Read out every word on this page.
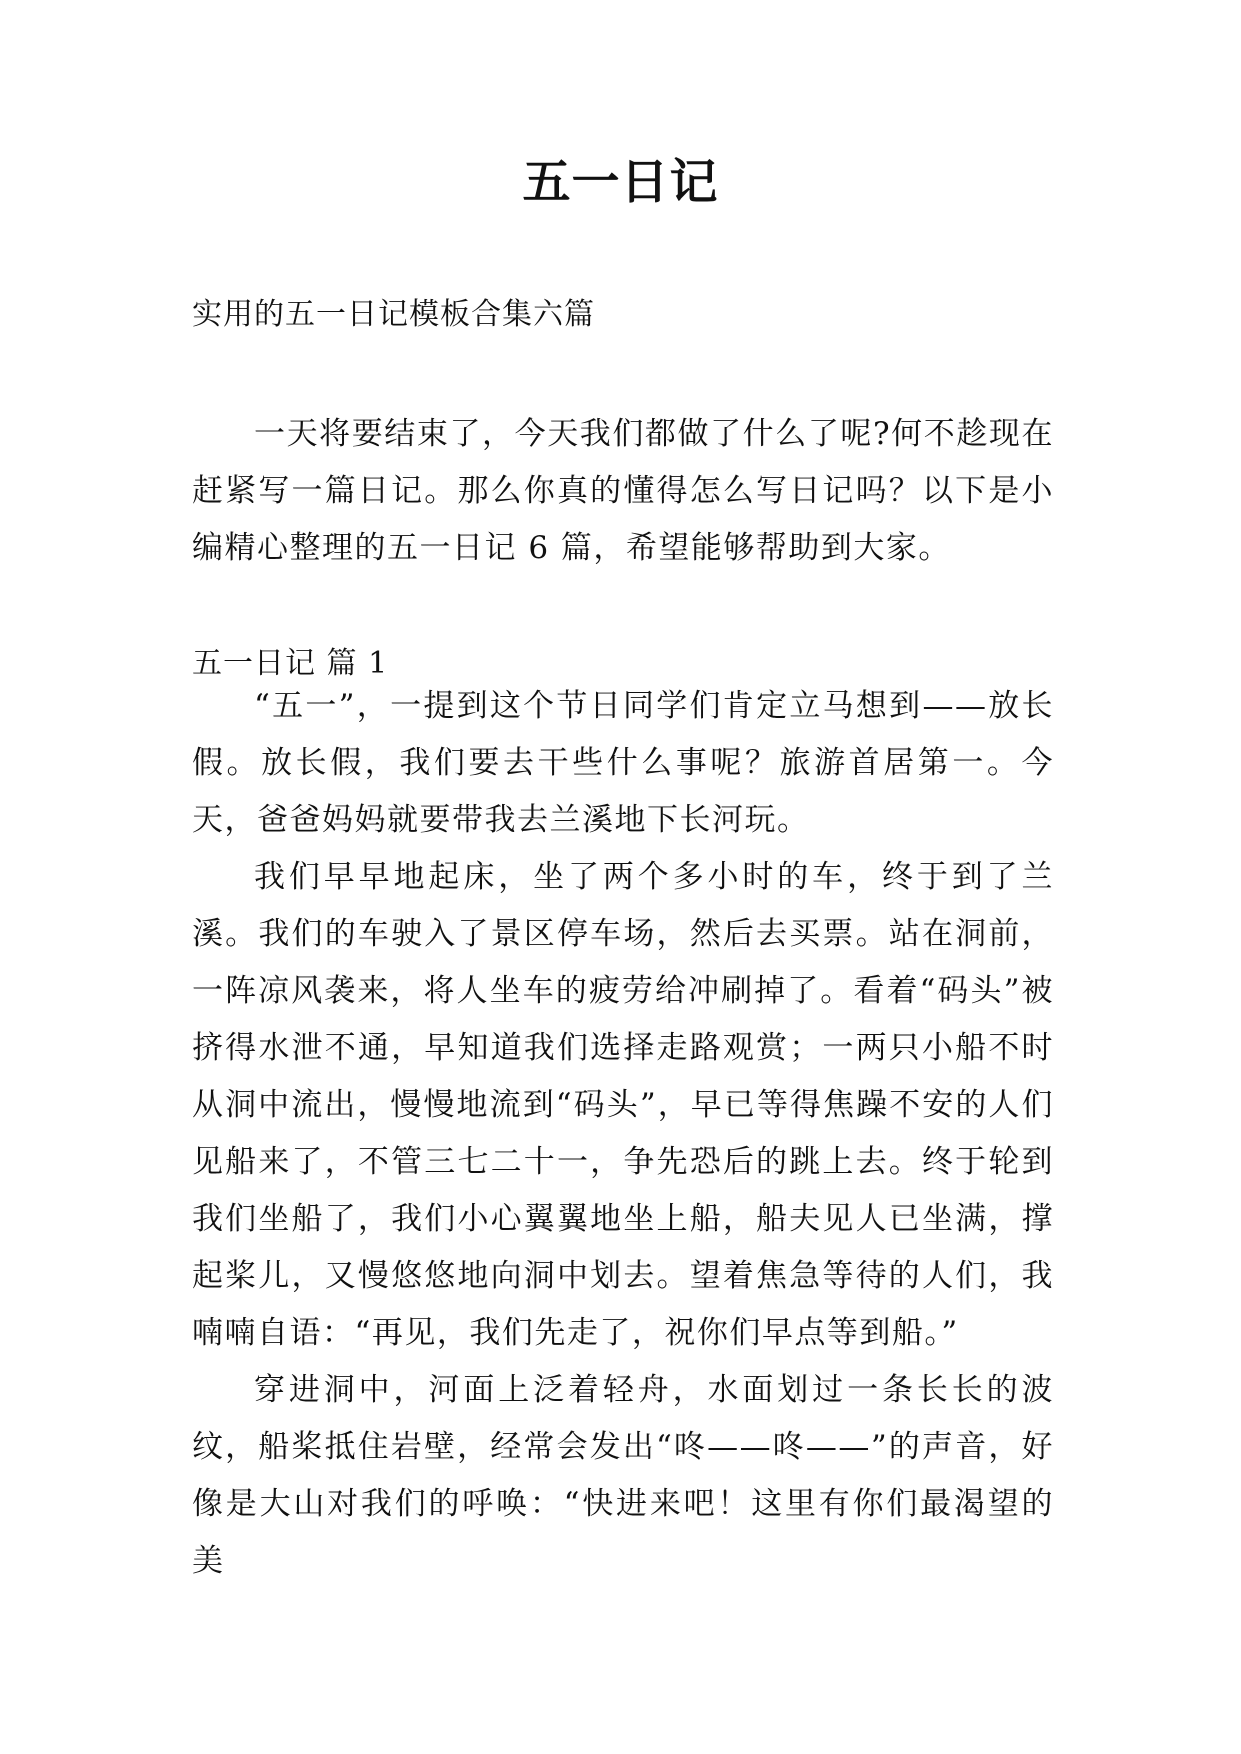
五一日记

实用的五一日记模板合集六篇

一天将要结束了，今天我们都做了什么了呢?何不趁现在赶紧写一篇日记。那么你真的懂得怎么写日记吗？以下是小编精心整理的五一日记 6 篇，希望能够帮助到大家。

五一日记 篇 1

“五一”，一提到这个节日同学们肯定立马想到——放长假。放长假，我们要去干些什么事呢？旅游首居第一。今天，爸爸妈妈就要带我去兰溪地下长河玩。

我们早早地起床，坐了两个多小时的车，终于到了兰溪。我们的车驶入了景区停车场，然后去买票。站在洞前，一阵凉风袭来，将人坐车的疲劳给冲刷掉了。看着“码头”被挤得水泄不通，早知道我们选择走路观赏；一两只小船不时从洞中流出，慢慢地流到“码头”，早已等得焦躁不安的人们见船来了，不管三七二十一，争先恐后的跳上去。终于轮到我们坐船了，我们小心翼翼地坐上船，船夫见人已坐满，撑起桨儿，又慢悠悠地向洞中划去。望着焦急等待的人们，我喃喃自语：“再见，我们先走了，祝你们早点等到船。”

穿进洞中，河面上泛着轻舟，水面划过一条长长的波纹，船桨抵住岩壁，经常会发出“咚——咚——”的声音，好像是大山对我们的呼唤：“快进来吧！这里有你们最渴望的美
